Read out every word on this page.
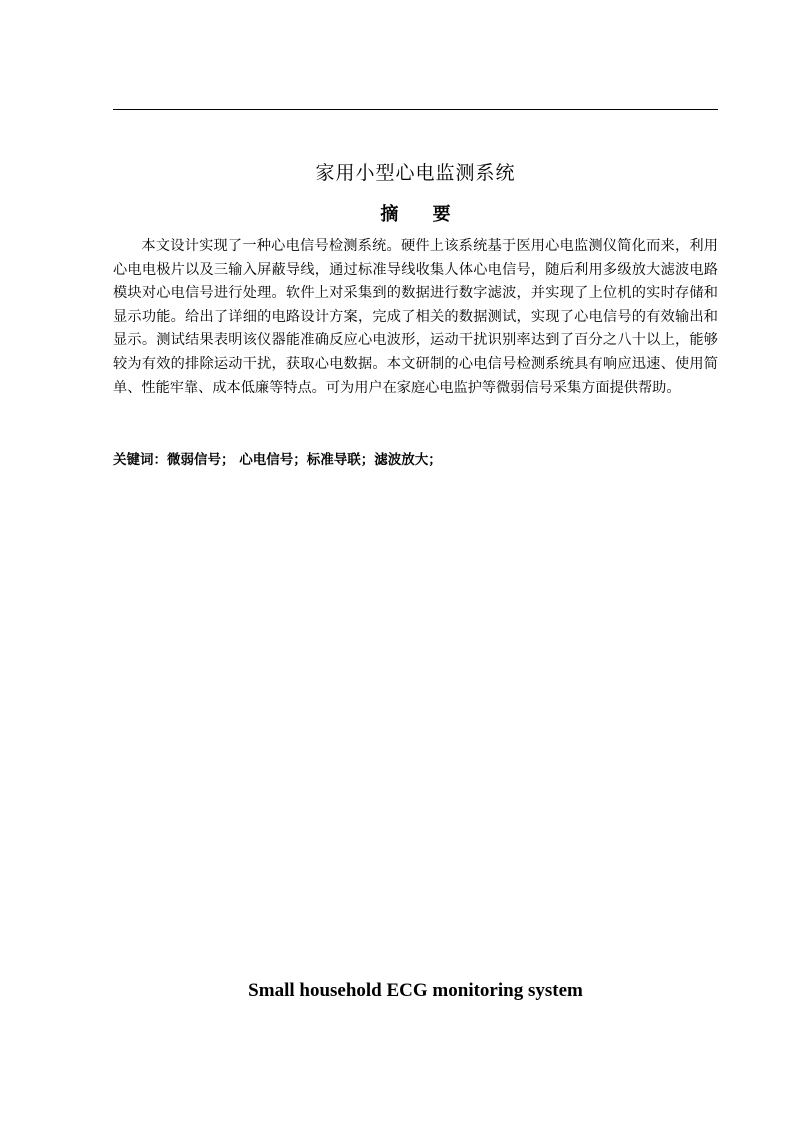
家用小型心电监测系统
摘 要

本文设计实现了一种心电信号检测系统。硬件上该系统基于医用心电监测仪简化而来，利用心电电极片以及三输入屏蔽导线，通过标准导线收集人体心电信号，随后利用多级放大滤波电路模块对心电信号进行处理。软件上对采集到的数据进行数字滤波，并实现了上位机的实时存储和显示功能。给出了详细的电路设计方案，完成了相关的数据测试，实现了心电信号的有效输出和显示。测试结果表明该仪器能准确反应心电波形，运动干扰识别率达到了百分之八十以上，能够较为有效的排除运动干扰，获取心电数据。本文研制的心电信号检测系统具有响应迅速、使用简单、性能牢靠、成本低廉等特点。可为用户在家庭心电监护等微弱信号采集方面提供帮助。

关键词：微弱信号； 心电信号；标准导联；滤波放大；
Small household ECG monitoring system
